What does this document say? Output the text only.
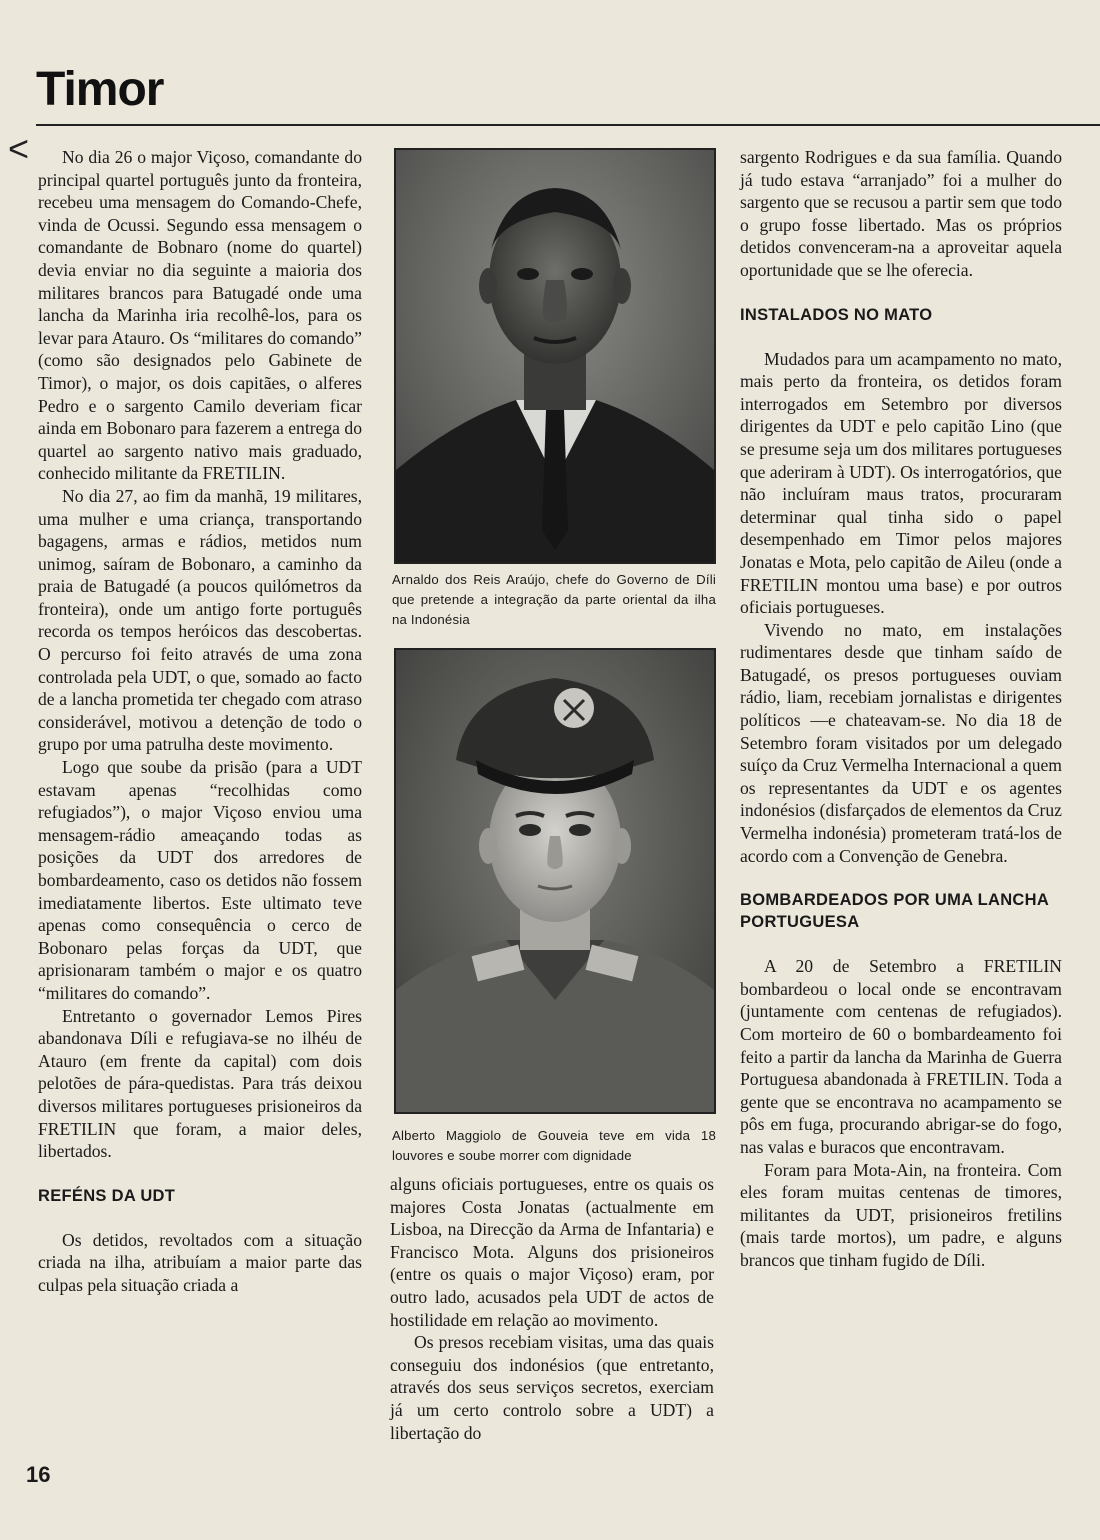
<
Timor

No dia 26 o major Viçoso, comandante do principal quartel português junto da fronteira, recebeu uma mensagem do Comando-Chefe, vinda de Ocussi. Segundo essa mensagem o comandante de Bobnaro (nome do quartel) devia enviar no dia seguinte a maioria dos militares brancos para Batugadé onde uma lancha da Marinha iria recolhê-los, para os levar para Atauro. Os “militares do comando” (como são designados pelo Gabinete de Timor), o major, os dois capitães, o alferes Pedro e o sargento Camilo deveriam ficar ainda em Bobonaro para fazerem a entrega do quartel ao sargento nativo mais graduado, conhecido militante da FRETILIN.

No dia 27, ao fim da manhã, 19 militares, uma mulher e uma criança, transportando bagagens, armas e rádios, metidos num unimog, saíram de Bobonaro, a caminho da praia de Batugadé (a poucos quilómetros da fronteira), onde um antigo forte português recorda os tempos heróicos das descobertas. O percurso foi feito através de uma zona controlada pela UDT, o que, somado ao facto de a lancha prometida ter chegado com atraso considerável, motivou a detenção de todo o grupo por uma patrulha deste movimento.

Logo que soube da prisão (para a UDT estavam apenas “recolhidas como refugiados”), o major Viçoso enviou uma mensagem-rádio ameaçando todas as posições da UDT dos arredores de bombardeamento, caso os detidos não fossem imediatamente libertos. Este ultimato teve apenas como consequência o cerco de Bobonaro pelas forças da UDT, que aprisionaram também o major e os quatro “militares do comando”.

Entretanto o governador Lemos Pires abandonava Díli e refugiava-se no ilhéu de Atauro (em frente da capital) com dois pelotões de pára-quedistas. Para trás deixou diversos militares portugueses prisioneiros da FRETILIN que foram, a maior deles, libertados.

REFÉNS DA UDT

Os detidos, revoltados com a situação criada na ilha, atribuíam a maior parte das culpas pela situação criada a

Arnaldo dos Reis Araújo, chefe do Governo de Díli que pretende a integração da parte oriental da ilha na Indonésia
Alberto Maggiolo de Gouveia teve em vida 18 louvores e soube morrer com dignidade

alguns oficiais portugueses, entre os quais os majores Costa Jonatas (actualmente em Lisboa, na Direcção da Arma de Infantaria) e Francisco Mota. Alguns dos prisioneiros (entre os quais o major Viçoso) eram, por outro lado, acusados pela UDT de actos de hostilidade em relação ao movimento.

Os presos recebiam visitas, uma das quais conseguiu dos indonésios (que entretanto, através dos seus serviços secretos, exerciam já um certo controlo sobre a UDT) a libertação do

sargento Rodrigues e da sua família. Quando já tudo estava “arranjado” foi a mulher do sargento que se recusou a partir sem que todo o grupo fosse libertado. Mas os próprios detidos convenceram-na a aproveitar aquela oportunidade que se lhe oferecia.

INSTALADOS NO MATO

Mudados para um acampamento no mato, mais perto da fronteira, os detidos foram interrogados em Setembro por diversos dirigentes da UDT e pelo capitão Lino (que se presume seja um dos militares portugueses que aderiram à UDT). Os interrogatórios, que não incluíram maus tratos, procuraram determinar qual tinha sido o papel desempenhado em Timor pelos majores Jonatas e Mota, pelo capitão de Aileu (onde a FRETILIN montou uma base) e por outros oficiais portugueses.

Vivendo no mato, em instalações rudimentares desde que tinham saído de Batugadé, os presos portugueses ouviam rádio, liam, recebiam jornalistas e dirigentes políticos —e chateavam-se. No dia 18 de Setembro foram visitados por um delegado suíço da Cruz Vermelha Internacional a quem os representantes da UDT e os agentes indonésios (disfarçados de elementos da Cruz Vermelha indonésia) prometeram tratá-los de acordo com a Convenção de Genebra.

BOMBARDEADOS POR UMA LANCHA PORTUGUESA

A 20 de Setembro a FRETILIN bombardeou o local onde se encontravam (juntamente com centenas de refugiados). Com morteiro de 60 o bombardeamento foi feito a partir da lancha da Marinha de Guerra Portuguesa abandonada à FRETILIN. Toda a gente que se encontrava no acampamento se pôs em fuga, procurando abrigar-se do fogo, nas valas e buracos que encontravam.

Foram para Mota-Ain, na fronteira. Com eles foram muitas centenas de timores, militantes da UDT, prisioneiros fretilins (mais tarde mortos), um padre, e alguns brancos que tinham fugido de Díli.

16
